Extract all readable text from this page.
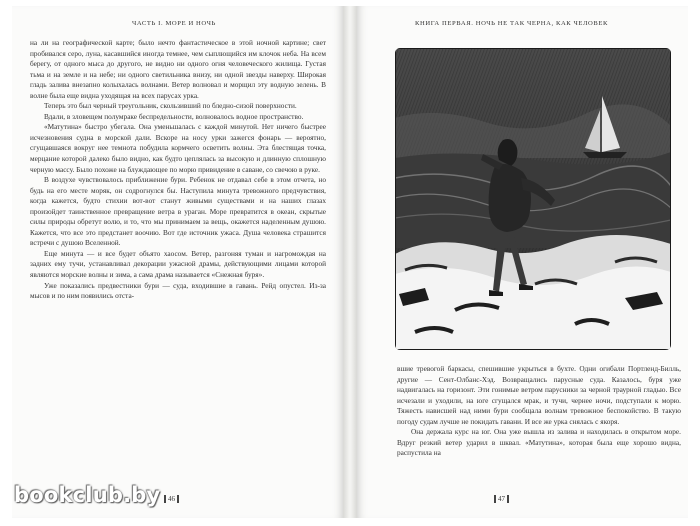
ЧАСТЬ I. МОРЕ И НОЧЬ

на ли на географической карте; было нечто фантастическое в этой ночной картине; свет пробивался серо, луна, касавшийся иногда темнее, чем сыплющийся им клочок неба. На всем берегу, от одного мыса до другого, не видно ни одного огня человеческого жилища. Густая тьма и на земле и на небе; ни одного светильника внизу, ни одной звезды наверху. Широкая гладь залива внезапно колыхалась волнами. Ветер волновал и морщил эту водную зелень. В волне была еще видна уходящая на всех парусах урка.

Теперь это был черный треугольник, скользивший по бледно-сизой поверхности.

Вдали, в зловещем полумраке беспредельности, волновалось водное пространство.

«Матутина» быстро убегала. Она уменьшалась с каждой минутой. Нет ничего быстрее исчезновения судна в морской дали. Вскоре на носу урки зажегся фонарь — вероятно, сгущавшаяся вокруг нее темнота побудила кормчего осветить волны. Эта блестящая точка, мерцание которой далеко было видно, как будто цеплялась за высокую и длинную сплошную черную массу. Было похоже на блуждающее по морю привидение в саване, со свечою в руке.

В воздухе чувствовалось приближение бури. Ребенок не отдавал себе в этом отчета, но будь на его месте моряк, он содрогнулся бы. Наступила минута тревожного предчувствия, когда кажется, будто стихии вот-вот станут живыми существами и на наших глазах произойдет таинственное превращение ветра в ураган. Море превратится в океан, скрытые силы природы обретут волю, и то, что мы принимаем за вещь, окажется наделенным душою. Кажется, что все это предстанет воочию. Вот где источник ужаса. Душа человека страшится встречи с душою Вселенной.

Еще минута — и все будет объято хаосом. Ветер, разгоняя туман и нагромождая на задних ему тучи, устанавливал декорации ужасной драмы, действующими лицами которой являются морские волны и зима, а сама драма называется «Снежная буря».

Уже показались предвестники бури — суда, входившие в гавань. Рейд опустел. Из-за мысов и по ним появились отста-

46
КНИГА ПЕРВАЯ. НОЧЬ НЕ ТАК ЧЕРНА, КАК ЧЕЛОВЕК

вшие тревогой баркасы, спешившие укрыться в бухте. Одни огибали Портленд-Билль, другие — Сент-Олбанс-Хэд. Возвращались парусные суда. Казалось, буря уже надвигалась на горизонт. Эти гонимые ветром парусники за черной траурной гладью. Все исчезали и уходили, на юге сгущался мрак, и тучи, чернее ночи, подступали к морю. Тяжесть нависшей над ними бури сообщала волнам тревожное беспокойство. В такую погоду судам лучше не покидать гавани. И все же урка снялась с якоря.

Она держала курс на юг. Она уже вышла из залива и находилась в открытом море. Вдруг резкий ветер ударил в шквал. «Матутина», которая была еще хорошо видна, распустила на

47
bookclub.by
